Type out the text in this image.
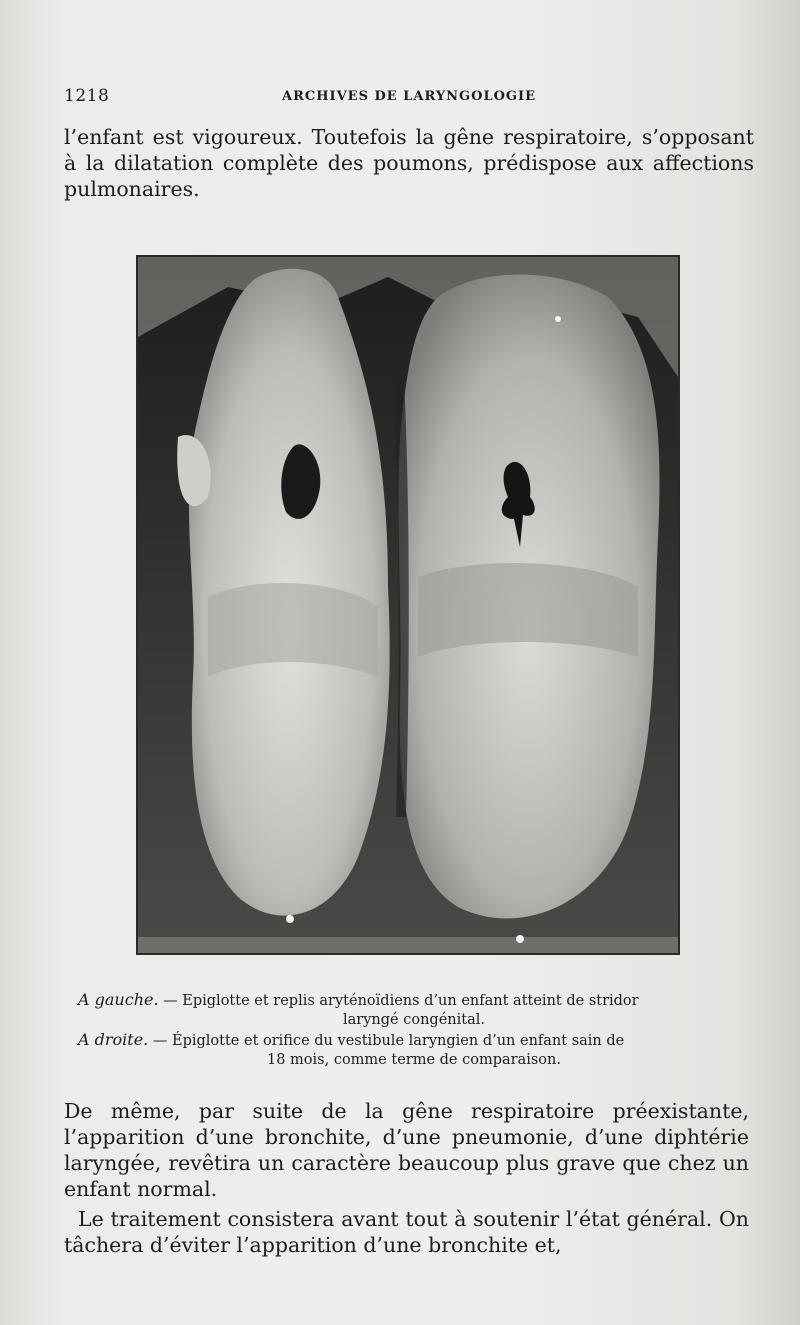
1218	ARCHIVES DE LARYNGOLOGIE

l’enfant est vigoureux. Toutefois la gêne respiratoire, s’opposant à la dilatation complète des poumons, prédispose aux affections pulmonaires.

A gauche. — Epiglotte et replis aryténoïdiens d’un enfant atteint de stridor
laryngé congénital.
A droite. — Épiglotte et orifice du vestibule laryngien d’un enfant sain de
18 mois, comme terme de comparaison.

De même, par suite de la gêne respiratoire préexistante, l’apparition d’une bronchite, d’une pneumonie, d’une diphtérie laryngée, revêtira un caractère beaucoup plus grave que chez un enfant normal.

Le traitement consistera avant tout à soutenir l’état général. On tâchera d’éviter l’apparition d’une bronchite et,
